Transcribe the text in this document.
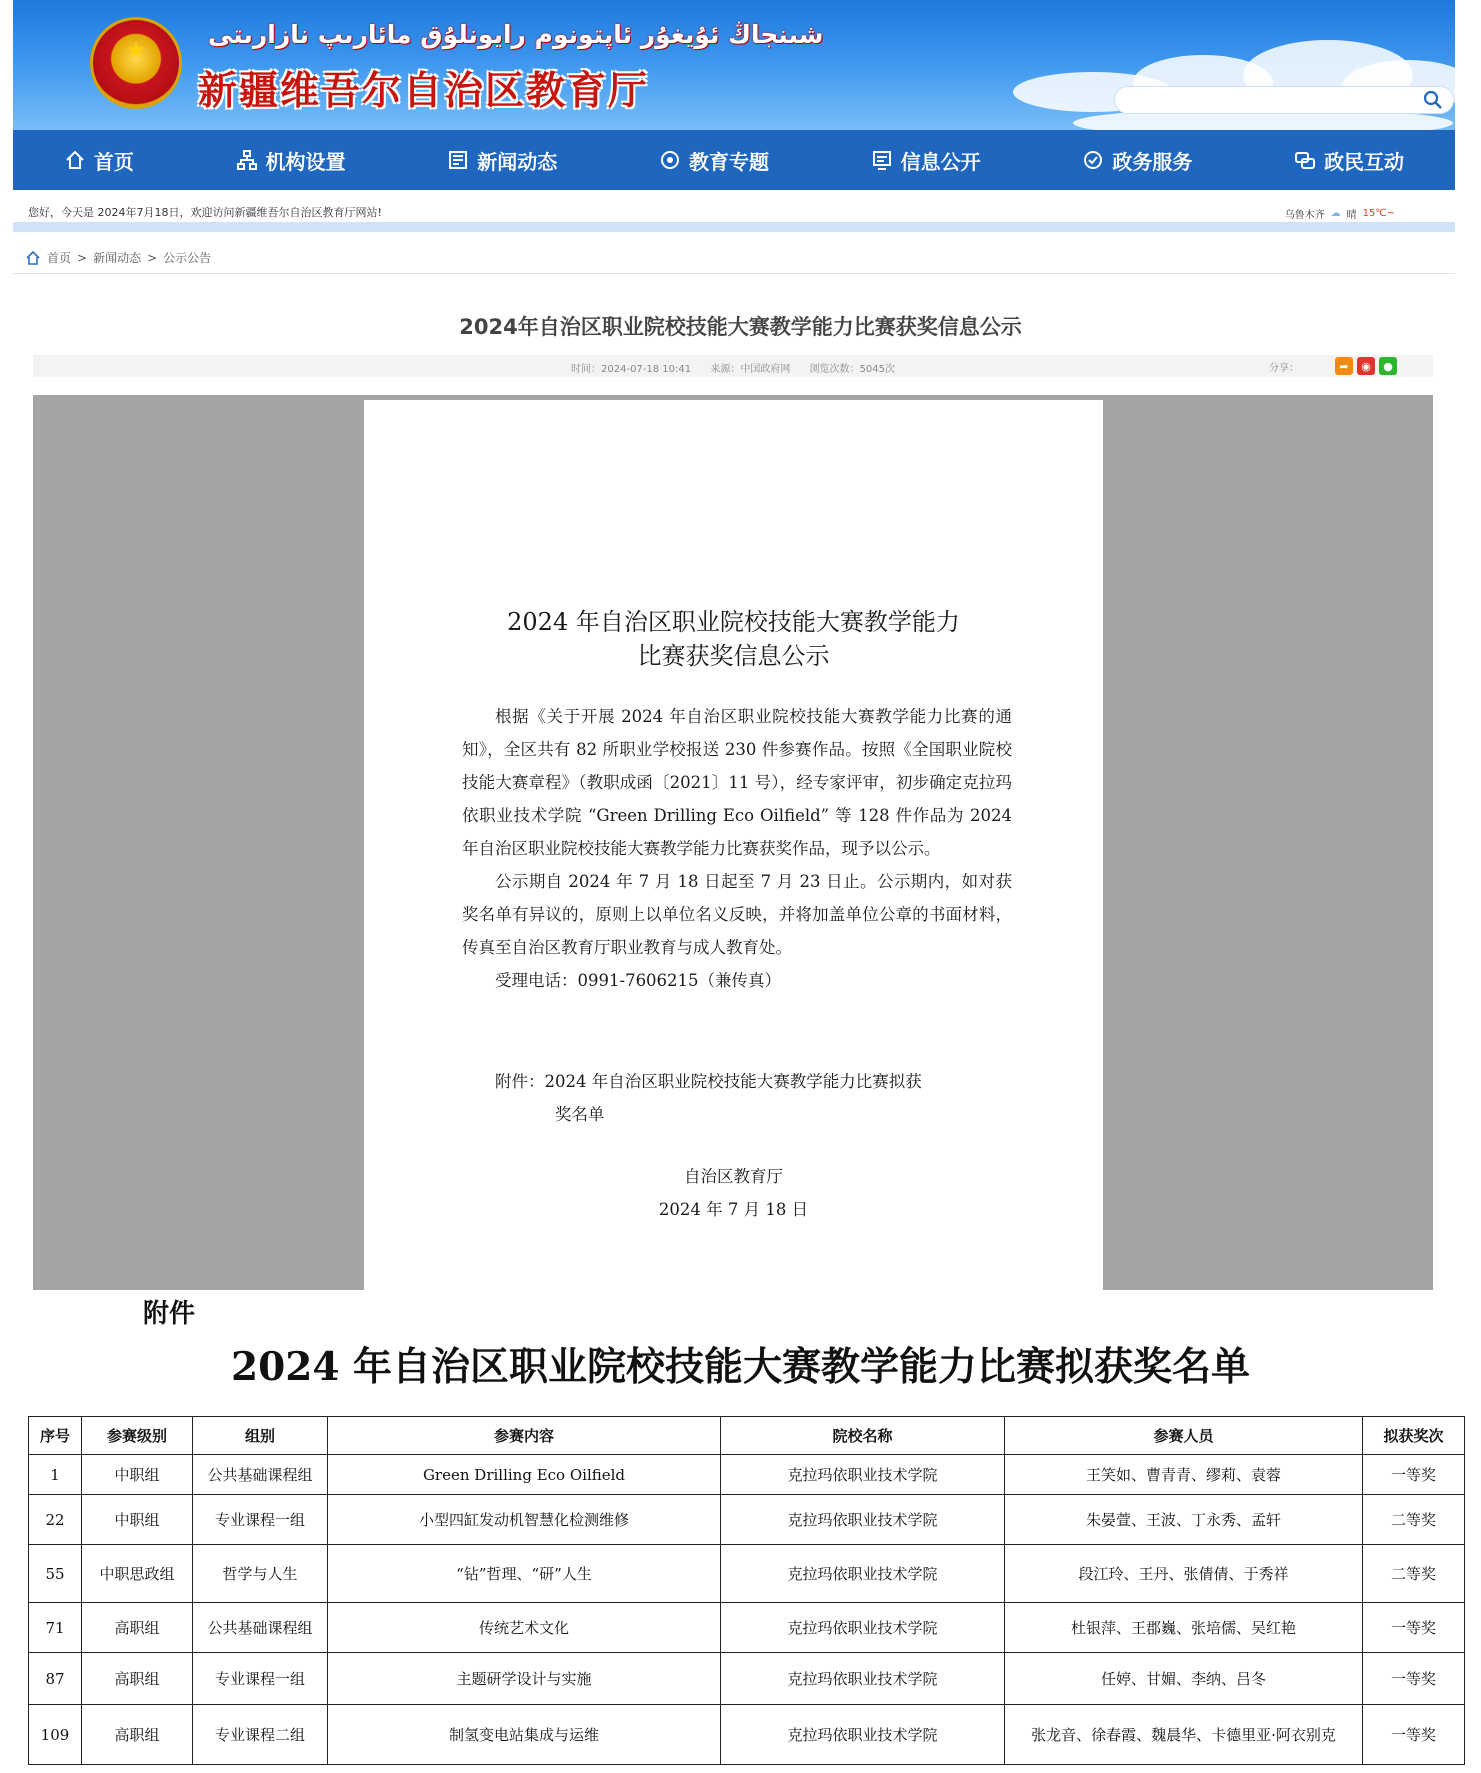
★
شىنجاڭ ئۇيغۇر ئاپتونوم رايونلۇق مائارىپ نازارىتى
新疆维吾尔自治区教育厅
首页	机构设置	新闻动态	教育专题	信息公开	政务服务	政民互动
您好，今天是 2024年7月18日，欢迎访问新疆维吾尔自治区教育厅网站!	乌鲁木齐 ☁ 晴 15℃~
首页 > 新闻动态 > 公示公告
2024年自治区职业院校技能大赛教学能力比赛获奖信息公示
时间：2024-07-18 10:41 来源：中国政府网 浏览次数：5045次	分享：	➦	◉	●
2024 年自治区职业院校技能大赛教学能力
比赛获奖信息公示

根据《关于开展 2024 年自治区职业院校技能大赛教学能力比赛的通知》，全区共有 82 所职业学校报送 230 件参赛作品。按照《全国职业院校技能大赛章程》（教职成函〔2021〕11 号），经专家评审，初步确定克拉玛依职业技术学院 “Green Drilling Eco Oilfield” 等 128 件作品为 2024 年自治区职业院校技能大赛教学能力比赛获奖作品，现予以公示。

公示期自 2024 年 7 月 18 日起至 7 月 23 日止。公示期内，如对获奖名单有异议的，原则上以单位名义反映，并将加盖单位公章的书面材料，传真至自治区教育厅职业教育与成人教育处。

受理电话：0991-7606215（兼传真）

附件：2024 年自治区职业院校技能大赛教学能力比赛拟获
奖名单
自治区教育厅
2024 年 7 月 18 日
附件
2024 年自治区职业院校技能大赛教学能力比赛拟获奖名单
序号	参赛级别	组别	参赛内容	院校名称	参赛人员	拟获奖次
1	中职组	公共基础课程组	Green Drilling Eco Oilfield	克拉玛依职业技术学院	王笑如、曹青青、缪莉、袁蓉	一等奖
22	中职组	专业课程一组	小型四缸发动机智慧化检测维修	克拉玛依职业技术学院	朱晏萱、王波、丁永秀、孟轩	二等奖
55	中职思政组	哲学与人生	“钻”哲理、“研”人生	克拉玛依职业技术学院	段江玲、王丹、张倩倩、于秀祥	二等奖
71	高职组	公共基础课程组	传统艺术文化	克拉玛依职业技术学院	杜银萍、王郡巍、张培儒、吴红艳	一等奖
87	高职组	专业课程一组	主题研学设计与实施	克拉玛依职业技术学院	任婷、甘媚、李纳、吕冬	一等奖
109	高职组	专业课程二组	制氢变电站集成与运维	克拉玛依职业技术学院	张龙音、徐春霞、魏晨华、卡德里亚·阿衣别克	一等奖
